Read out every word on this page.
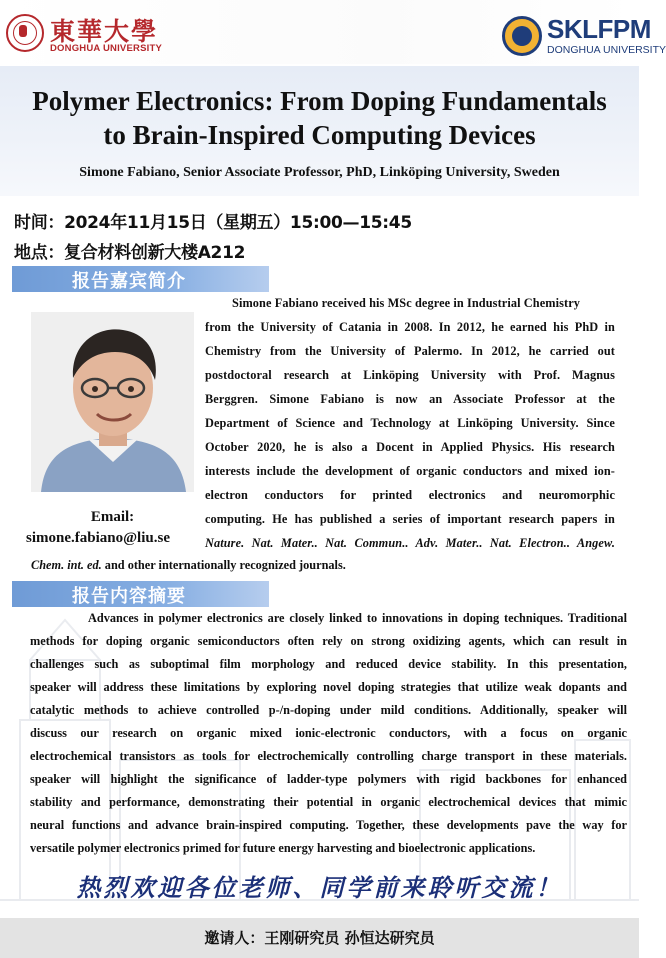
東華大學
DONGHUA UNIVERSITY
SKLFPM
DONGHUA UNIVERSITY
Polymer Electronics: From Doping Fundamentals
to Brain-Inspired Computing Devices
Simone Fabiano, Senior Associate Professor, PhD, Linköping University, Sweden
时间：2024年11月15日（星期五）15:00—15:45
地点：复合材料创新大楼A212
报告嘉宾简介
Simone Fabiano received his MSc degree in Industrial Chemistry
from the University of Catania in 2008. In 2012, he earned his PhD in
Chemistry from the University of Palermo. In 2012, he carried out
postdoctoral research at Linköping University with Prof. Magnus
Berggren. Simone Fabiano is now an Associate Professor at the
Department of Science and Technology at Linköping University. Since
October 2020, he is also a Docent in Applied Physics. His research
interests include the development of organic conductors and mixed ion-
electron conductors for printed electronics and neuromorphic
computing. He has published a series of important research papers in
Nature. Nat. Mater.. Nat. Commun.. Adv. Mater.. Nat. Electron.. Angew.
Email:
simone.fabiano@liu.se
Chem. int. ed. and other internationally recognized journals.
报告内容摘要
Advances in polymer electronics are closely linked to innovations in doping techniques. Traditional
methods for doping organic semiconductors often rely on strong oxidizing agents, which can result in
challenges such as suboptimal film morphology and reduced device stability. In this presentation,
speaker will address these limitations by exploring novel doping strategies that utilize weak dopants and
catalytic methods to achieve controlled p-/n-doping under mild conditions. Additionally, speaker will
discuss our research on organic mixed ionic-electronic conductors, with a focus on organic
electrochemical transistors as tools for electrochemically controlling charge transport in these materials.
speaker will highlight the significance of ladder-type polymers with rigid backbones for enhanced
stability and performance, demonstrating their potential in organic electrochemical devices that mimic
neural functions and advance brain-inspired computing. Together, these developments pave the way for
versatile polymer electronics primed for future energy harvesting and bioelectronic applications.
热烈欢迎各位老师、同学前来聆听交流！
邀请人：王刚研究员 孙恒达研究员
